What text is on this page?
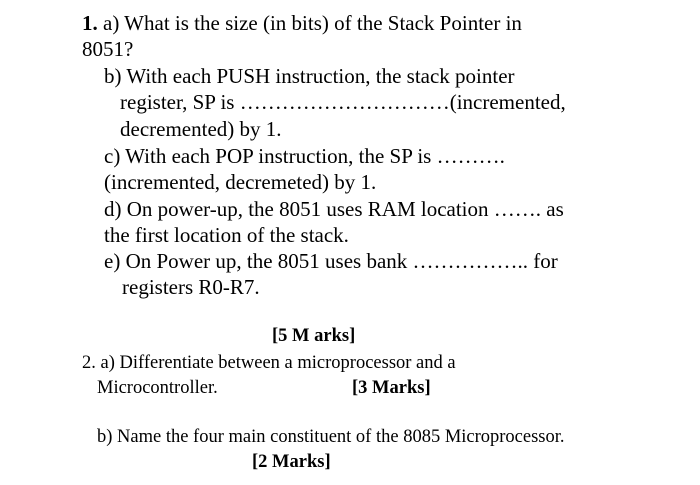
1. a) What is the size (in bits) of the Stack Pointer in
8051?
b) With each PUSH instruction, the stack pointer
register, SP is …………………………(incremented,
decremented) by 1.
c) With each POP instruction, the SP is ……….
(incremented, decremeted) by 1.
d) On power-up, the 8051 uses RAM location ……. as
the first location of the stack.
e) On Power up, the 8051 uses bank …………….. for
registers R0-R7.
[5 M arks]
2. a) Differentiate between a microprocessor and a
Microcontroller.	[3 Marks]
b) Name the four main constituent of the 8085 Microprocessor.
[2 Marks]
